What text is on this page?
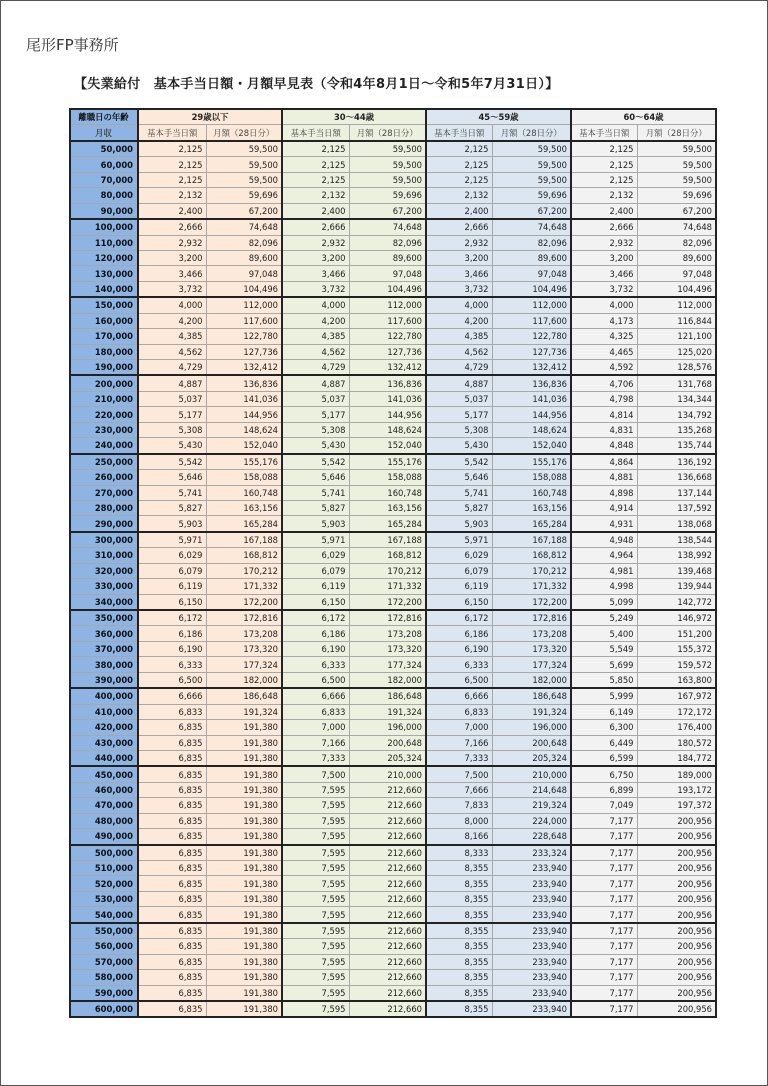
尾形FP事務所
【失業給付　基本手当日額・月額早見表（令和4年8月1日～令和5年7月31日）】
離職日の年齢	29歳以下		30～44歳		45～59歳		60～64歳	
月収	基本手当日額	月額（28日分）	基本手当日額	月額（28日分）	基本手当日額	月額（28日分）	基本手当日額	月額（28日分）
50,000	2,125	59,500	2,125	59,500	2,125	59,500	2,125	59,500
60,000	2,125	59,500	2,125	59,500	2,125	59,500	2,125	59,500
70,000	2,125	59,500	2,125	59,500	2,125	59,500	2,125	59,500
80,000	2,132	59,696	2,132	59,696	2,132	59,696	2,132	59,696
90,000	2,400	67,200	2,400	67,200	2,400	67,200	2,400	67,200
100,000	2,666	74,648	2,666	74,648	2,666	74,648	2,666	74,648
110,000	2,932	82,096	2,932	82,096	2,932	82,096	2,932	82,096
120,000	3,200	89,600	3,200	89,600	3,200	89,600	3,200	89,600
130,000	3,466	97,048	3,466	97,048	3,466	97,048	3,466	97,048
140,000	3,732	104,496	3,732	104,496	3,732	104,496	3,732	104,496
150,000	4,000	112,000	4,000	112,000	4,000	112,000	4,000	112,000
160,000	4,200	117,600	4,200	117,600	4,200	117,600	4,173	116,844
170,000	4,385	122,780	4,385	122,780	4,385	122,780	4,325	121,100
180,000	4,562	127,736	4,562	127,736	4,562	127,736	4,465	125,020
190,000	4,729	132,412	4,729	132,412	4,729	132,412	4,592	128,576
200,000	4,887	136,836	4,887	136,836	4,887	136,836	4,706	131,768
210,000	5,037	141,036	5,037	141,036	5,037	141,036	4,798	134,344
220,000	5,177	144,956	5,177	144,956	5,177	144,956	4,814	134,792
230,000	5,308	148,624	5,308	148,624	5,308	148,624	4,831	135,268
240,000	5,430	152,040	5,430	152,040	5,430	152,040	4,848	135,744
250,000	5,542	155,176	5,542	155,176	5,542	155,176	4,864	136,192
260,000	5,646	158,088	5,646	158,088	5,646	158,088	4,881	136,668
270,000	5,741	160,748	5,741	160,748	5,741	160,748	4,898	137,144
280,000	5,827	163,156	5,827	163,156	5,827	163,156	4,914	137,592
290,000	5,903	165,284	5,903	165,284	5,903	165,284	4,931	138,068
300,000	5,971	167,188	5,971	167,188	5,971	167,188	4,948	138,544
310,000	6,029	168,812	6,029	168,812	6,029	168,812	4,964	138,992
320,000	6,079	170,212	6,079	170,212	6,079	170,212	4,981	139,468
330,000	6,119	171,332	6,119	171,332	6,119	171,332	4,998	139,944
340,000	6,150	172,200	6,150	172,200	6,150	172,200	5,099	142,772
350,000	6,172	172,816	6,172	172,816	6,172	172,816	5,249	146,972
360,000	6,186	173,208	6,186	173,208	6,186	173,208	5,400	151,200
370,000	6,190	173,320	6,190	173,320	6,190	173,320	5,549	155,372
380,000	6,333	177,324	6,333	177,324	6,333	177,324	5,699	159,572
390,000	6,500	182,000	6,500	182,000	6,500	182,000	5,850	163,800
400,000	6,666	186,648	6,666	186,648	6,666	186,648	5,999	167,972
410,000	6,833	191,324	6,833	191,324	6,833	191,324	6,149	172,172
420,000	6,835	191,380	7,000	196,000	7,000	196,000	6,300	176,400
430,000	6,835	191,380	7,166	200,648	7,166	200,648	6,449	180,572
440,000	6,835	191,380	7,333	205,324	7,333	205,324	6,599	184,772
450,000	6,835	191,380	7,500	210,000	7,500	210,000	6,750	189,000
460,000	6,835	191,380	7,595	212,660	7,666	214,648	6,899	193,172
470,000	6,835	191,380	7,595	212,660	7,833	219,324	7,049	197,372
480,000	6,835	191,380	7,595	212,660	8,000	224,000	7,177	200,956
490,000	6,835	191,380	7,595	212,660	8,166	228,648	7,177	200,956
500,000	6,835	191,380	7,595	212,660	8,333	233,324	7,177	200,956
510,000	6,835	191,380	7,595	212,660	8,355	233,940	7,177	200,956
520,000	6,835	191,380	7,595	212,660	8,355	233,940	7,177	200,956
530,000	6,835	191,380	7,595	212,660	8,355	233,940	7,177	200,956
540,000	6,835	191,380	7,595	212,660	8,355	233,940	7,177	200,956
550,000	6,835	191,380	7,595	212,660	8,355	233,940	7,177	200,956
560,000	6,835	191,380	7,595	212,660	8,355	233,940	7,177	200,956
570,000	6,835	191,380	7,595	212,660	8,355	233,940	7,177	200,956
580,000	6,835	191,380	7,595	212,660	8,355	233,940	7,177	200,956
590,000	6,835	191,380	7,595	212,660	8,355	233,940	7,177	200,956
600,000	6,835	191,380	7,595	212,660	8,355	233,940	7,177	200,956
